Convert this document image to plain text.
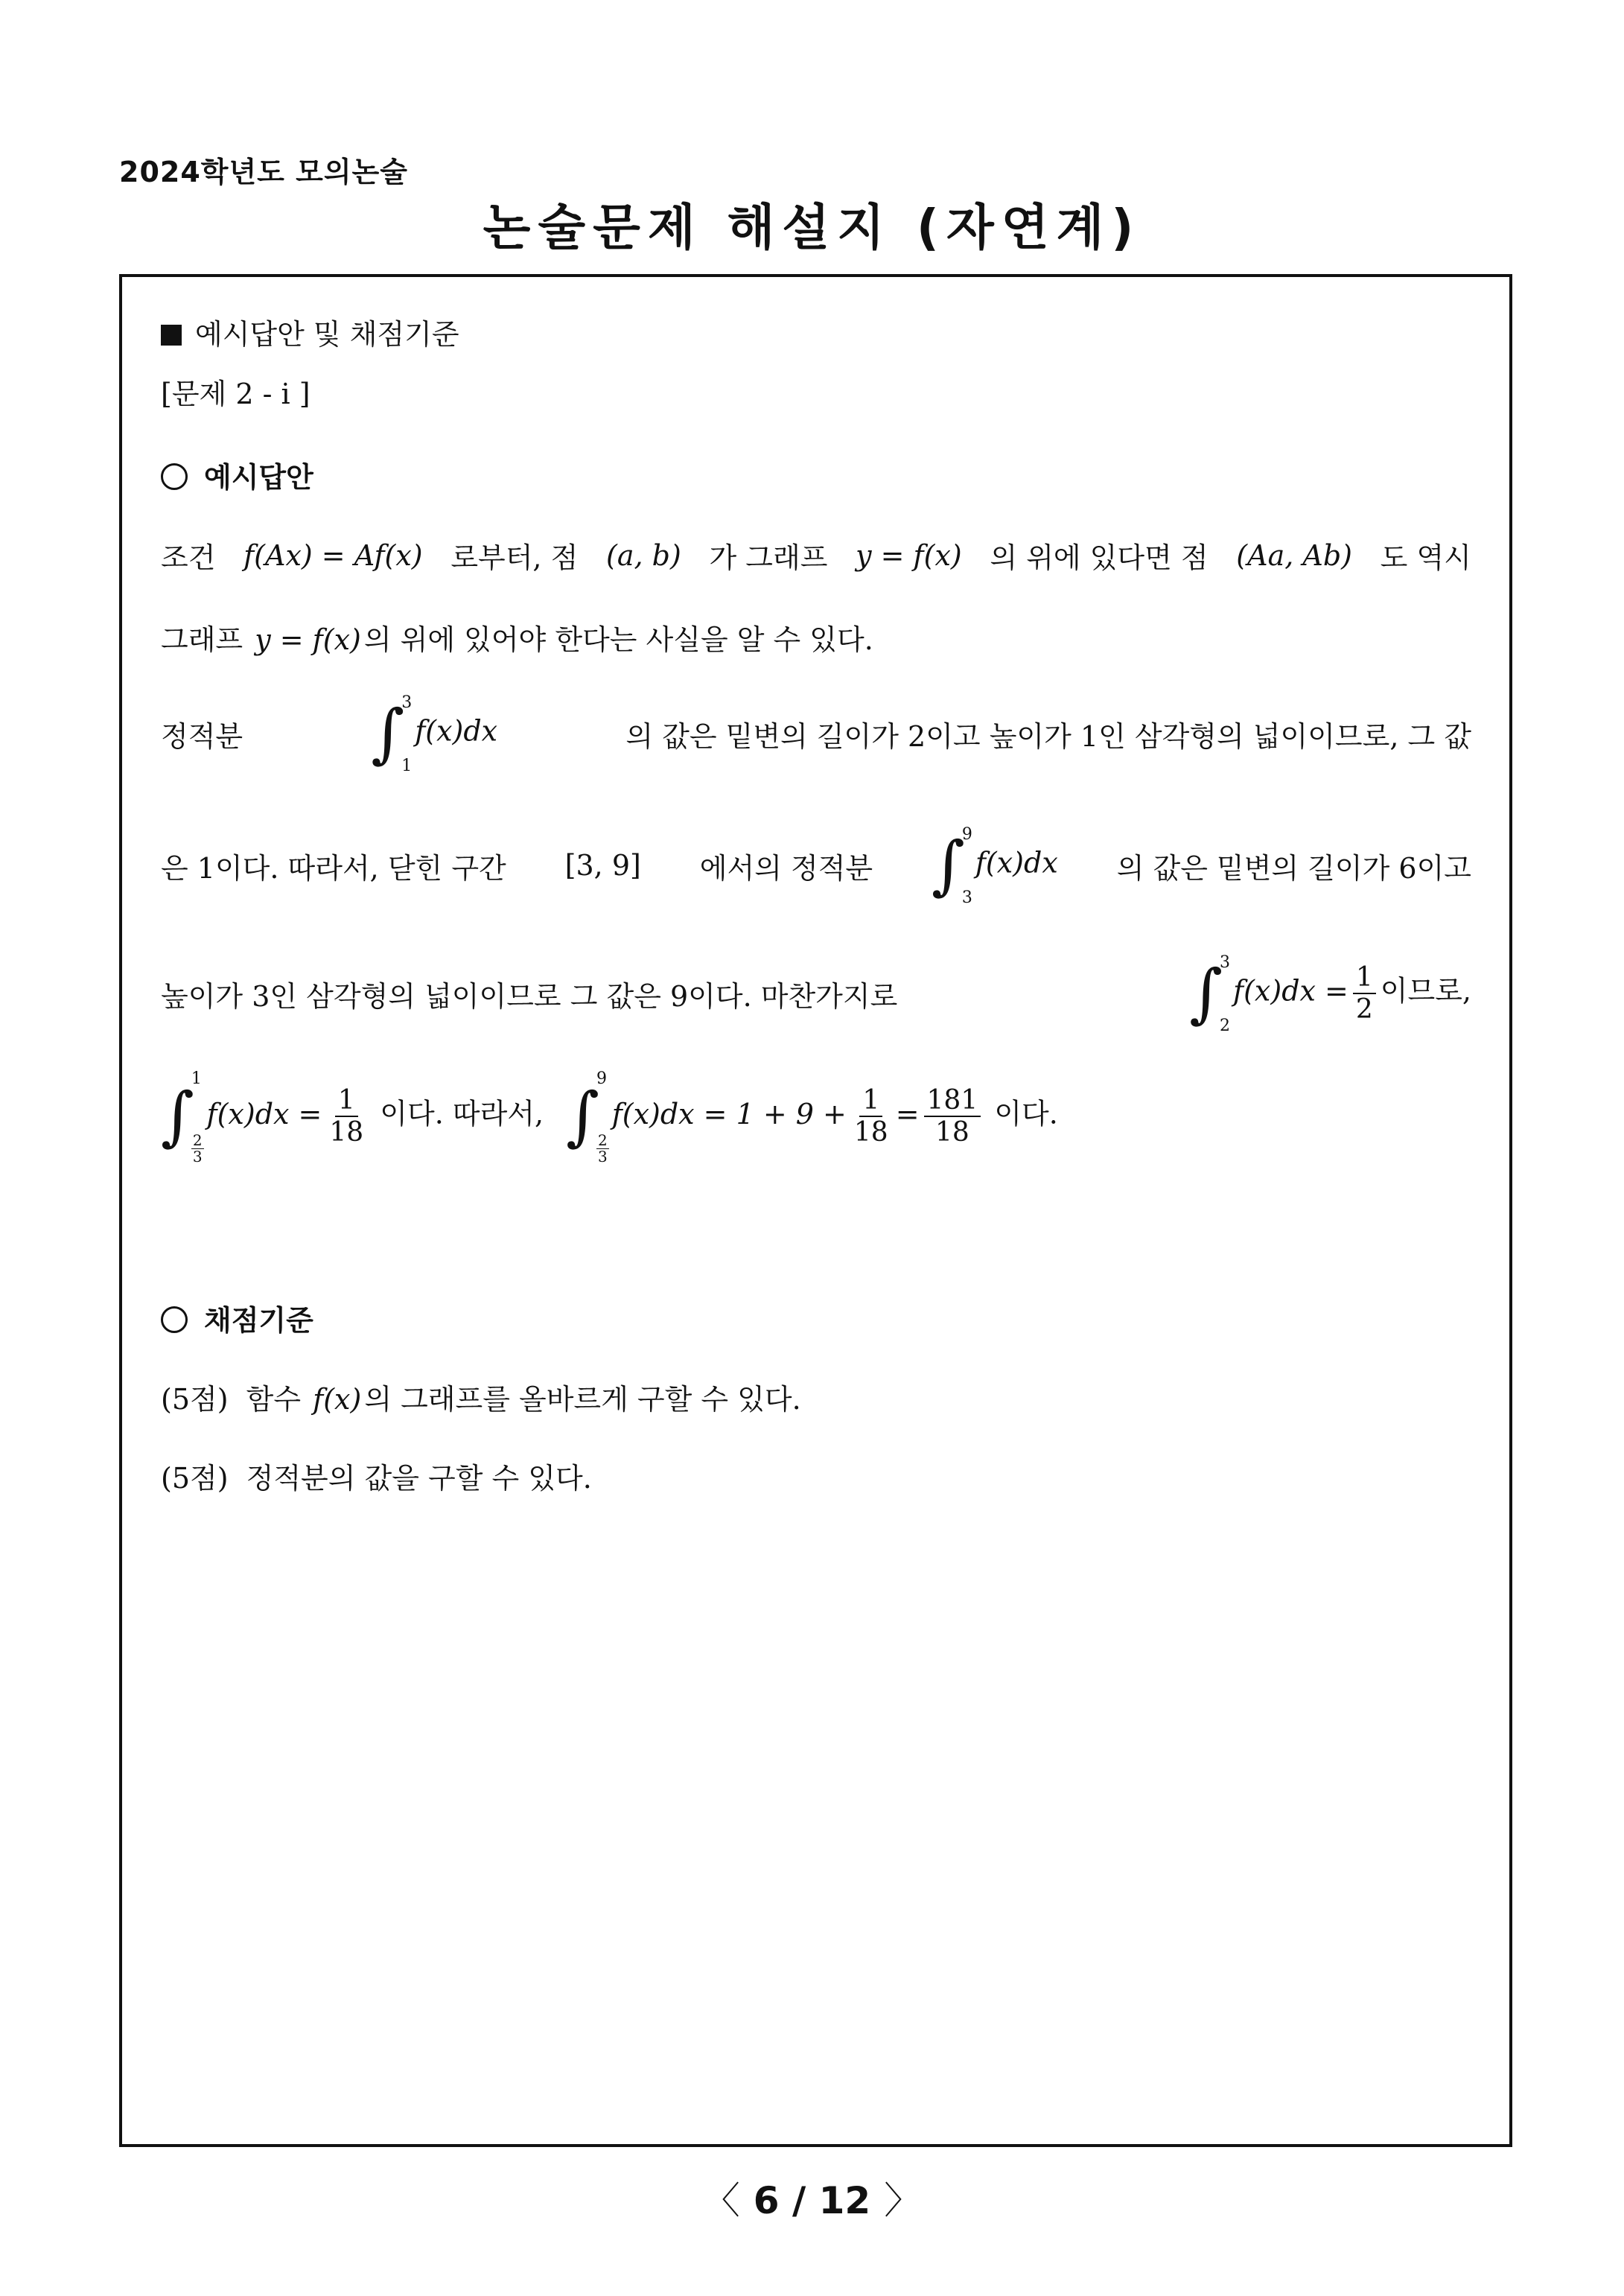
2024학년도 모의논술
논술문제 해설지 (자연계)
예시답안 및 채점기준
[문제 2 - i ]
예시답안
조건 f(Ax) = Af(x) 로부터, 점 (a, b) 가 그래프 y = f(x) 의 위에 있다면 점 (Aa, Ab) 도 역시
그래프 y = f(x) 의 위에 있어야 한다는 사실을 알 수 있다.
정적분 ∫
3
1
f(x)dx	의 값은 밑변의 길이가 2이고 높이가 1인 삼각형의 넓이이므로, 그 값
은 1이다. 따라서, 닫힌 구간 [3, 9] 에서의 정적분 ∫
9
3
f(x)dx 의 값은 밑변의 길이가 6이고
높이가 3인 삼각형의 넓이이므로 그 값은 9이다. 마찬가지로	∫
3
2
$f(x)dx = \frac{1}{2}$ 이므로,
∫
1
$\frac{2}{3}$
$f(x)dx = \frac{1}{18}$ 이다. 따라서, ∫
9
$\frac{2}{3}$
$f(x)dx = 1 + 9 + \frac{1}{18} = \frac{181}{18}$ 이다.
채점기준
(5점) 함수 f(x) 의 그래프를 올바르게 구할 수 있다.
(5점) 정적분의 값을 구할 수 있다.
〈 6 / 12 〉
